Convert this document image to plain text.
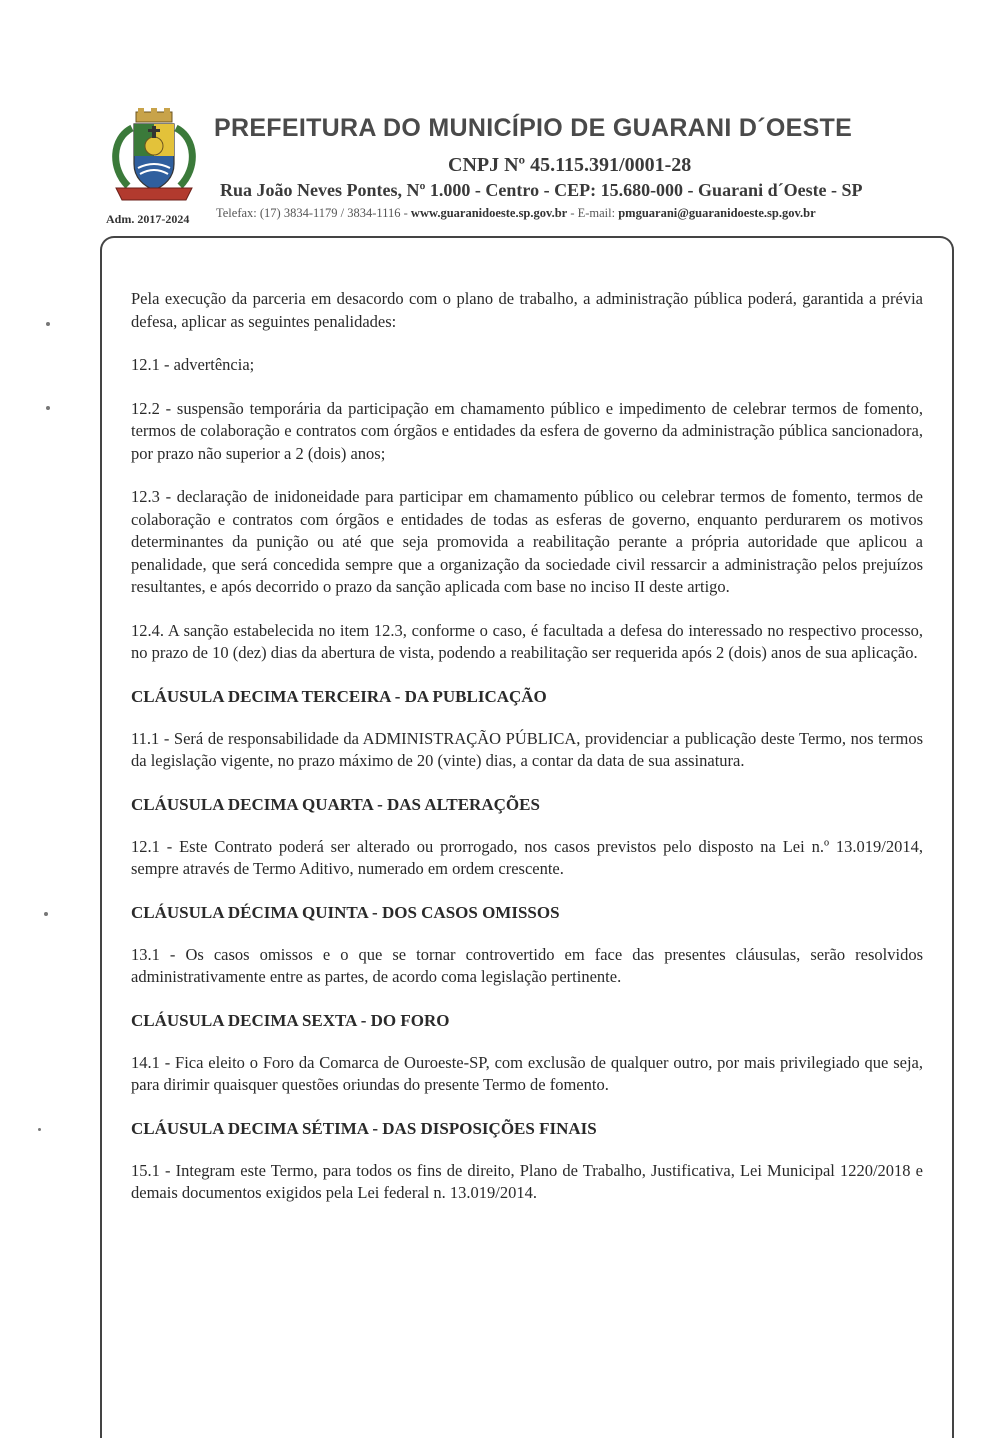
Adm. 2017-2024
PREFEITURA DO MUNICÍPIO DE GUARANI D´OESTE
CNPJ Nº 45.115.391/0001-28
Rua João Neves Pontes, Nº 1.000 - Centro - CEP: 15.680-000 - Guarani d´Oeste - SP
Telefax: (17) 3834-1179 / 3834-1116 - www.guaranidoeste.sp.gov.br - E-mail: pmguarani@guaranidoeste.sp.gov.br

Pela execução da parceria em desacordo com o plano de trabalho, a administração pública poderá, garantida a prévia defesa, aplicar as seguintes penalidades:

12.1 - advertência;

12.2 - suspensão temporária da participação em chamamento público e impedimento de celebrar termos de fomento, termos de colaboração e contratos com órgãos e entidades da esfera de governo da administração pública sancionadora, por prazo não superior a 2 (dois) anos;

12.3 - declaração de inidoneidade para participar em chamamento público ou celebrar termos de fomento, termos de colaboração e contratos com órgãos e entidades de todas as esferas de governo, enquanto perdurarem os motivos determinantes da punição ou até que seja promovida a reabilitação perante a própria autoridade que aplicou a penalidade, que será concedida sempre que a organização da sociedade civil ressarcir a administração pelos prejuízos resultantes, e após decorrido o prazo da sanção aplicada com base no inciso II deste artigo.

12.4. A sanção estabelecida no item 12.3, conforme o caso, é facultada a defesa do interessado no respectivo processo, no prazo de 10 (dez) dias da abertura de vista, podendo a reabilitação ser requerida após 2 (dois) anos de sua aplicação.

CLÁUSULA DECIMA TERCEIRA - DA PUBLICAÇÃO

11.1 - Será de responsabilidade da ADMINISTRAÇÃO PÚBLICA, providenciar a publicação deste Termo, nos termos da legislação vigente, no prazo máximo de 20 (vinte) dias, a contar da data de sua assinatura.

CLÁUSULA DECIMA QUARTA - DAS ALTERAÇÕES

12.1 - Este Contrato poderá ser alterado ou prorrogado, nos casos previstos pelo disposto na Lei n.º 13.019/2014, sempre através de Termo Aditivo, numerado em ordem crescente.

CLÁUSULA DÉCIMA QUINTA - DOS CASOS OMISSOS

13.1 - Os casos omissos e o que se tornar controvertido em face das presentes cláusulas, serão resolvidos administrativamente entre as partes, de acordo coma legislação pertinente.

CLÁUSULA DECIMA SEXTA - DO FORO

14.1 - Fica eleito o Foro da Comarca de Ouroeste-SP, com exclusão de qualquer outro, por mais privilegiado que seja, para dirimir quaisquer questões oriundas do presente Termo de fomento.

CLÁUSULA DECIMA SÉTIMA - DAS DISPOSIÇÕES FINAIS

15.1 - Integram este Termo, para todos os fins de direito, Plano de Trabalho, Justificativa, Lei Municipal 1220/2018 e demais documentos exigidos pela Lei federal n. 13.019/2014.
